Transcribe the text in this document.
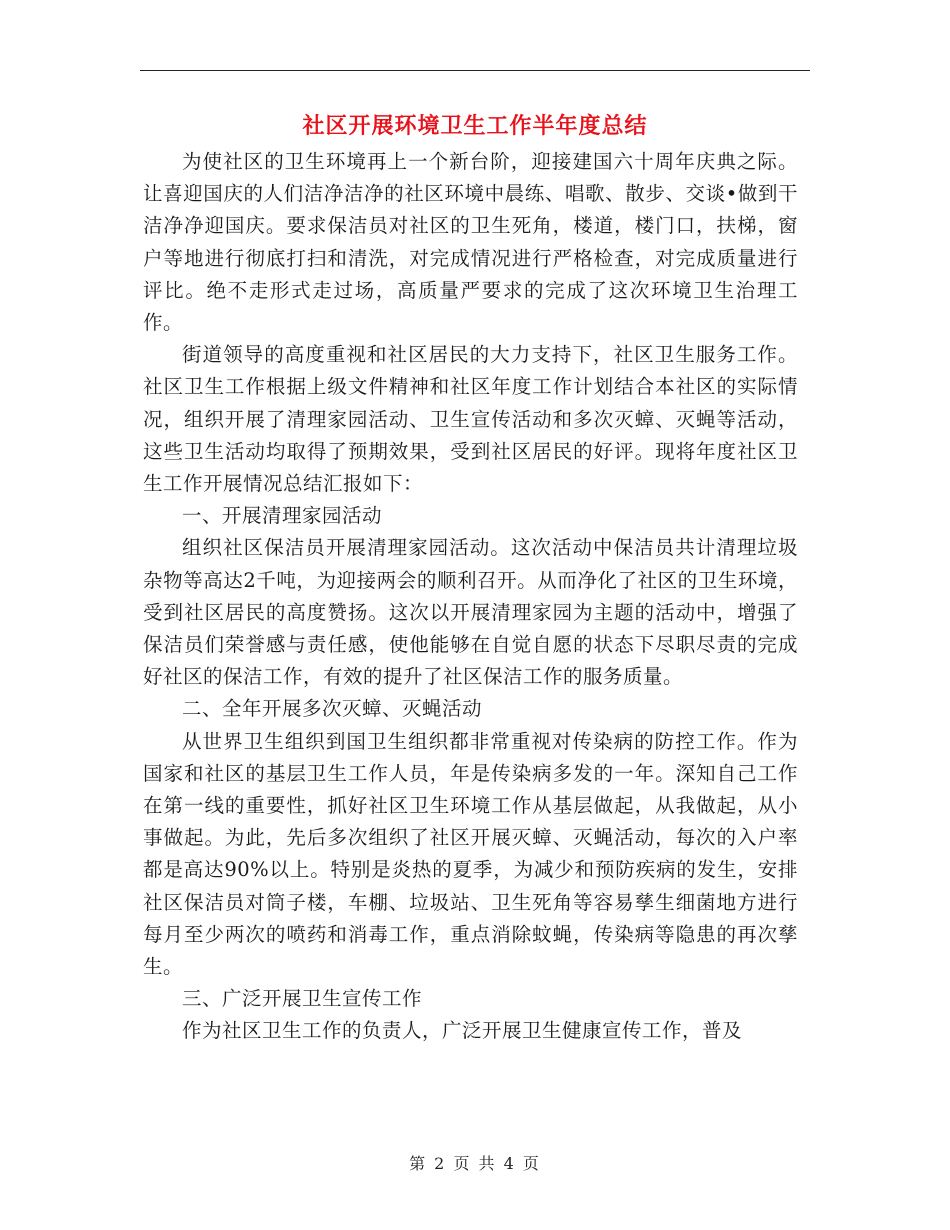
社区开展环境卫生工作半年度总结

为使社区的卫生环境再上一个新台阶，迎接建国六十周年庆典之际。让喜迎国庆的人们洁净洁净的社区环境中晨练、唱歌、散步、交谈•做到干洁净净迎国庆。要求保洁员对社区的卫生死角，楼道，楼门口，扶梯，窗户等地进行彻底打扫和清洗，对完成情况进行严格检查，对完成质量进行评比。绝不走形式走过场，高质量严要求的完成了这次环境卫生治理工作。

街道领导的高度重视和社区居民的大力支持下，社区卫生服务工作。社区卫生工作根据上级文件精神和社区年度工作计划结合本社区的实际情况，组织开展了清理家园活动、卫生宣传活动和多次灭蟑、灭蝇等活动，这些卫生活动均取得了预期效果，受到社区居民的好评。现将年度社区卫生工作开展情况总结汇报如下：

一、开展清理家园活动

组织社区保洁员开展清理家园活动。这次活动中保洁员共计清理垃圾杂物等高达2千吨，为迎接两会的顺利召开。从而净化了社区的卫生环境，受到社区居民的高度赞扬。这次以开展清理家园为主题的活动中，增强了保洁员们荣誉感与责任感，使他能够在自觉自愿的状态下尽职尽责的完成好社区的保洁工作，有效的提升了社区保洁工作的服务质量。

二、全年开展多次灭蟑、灭蝇活动

从世界卫生组织到国卫生组织都非常重视对传染病的防控工作。作为国家和社区的基层卫生工作人员，年是传染病多发的一年。深知自己工作在第一线的重要性，抓好社区卫生环境工作从基层做起，从我做起，从小事做起。为此，先后多次组织了社区开展灭蟑、灭蝇活动，每次的入户率都是高达90%以上。特别是炎热的夏季，为减少和预防疾病的发生，安排社区保洁员对筒子楼，车棚、垃圾站、卫生死角等容易孳生细菌地方进行每月至少两次的喷药和消毒工作，重点消除蚊蝇，传染病等隐患的再次孳生。

三、广泛开展卫生宣传工作

作为社区卫生工作的负责人，广泛开展卫生健康宣传工作，普及

第 2 页 共 4 页
